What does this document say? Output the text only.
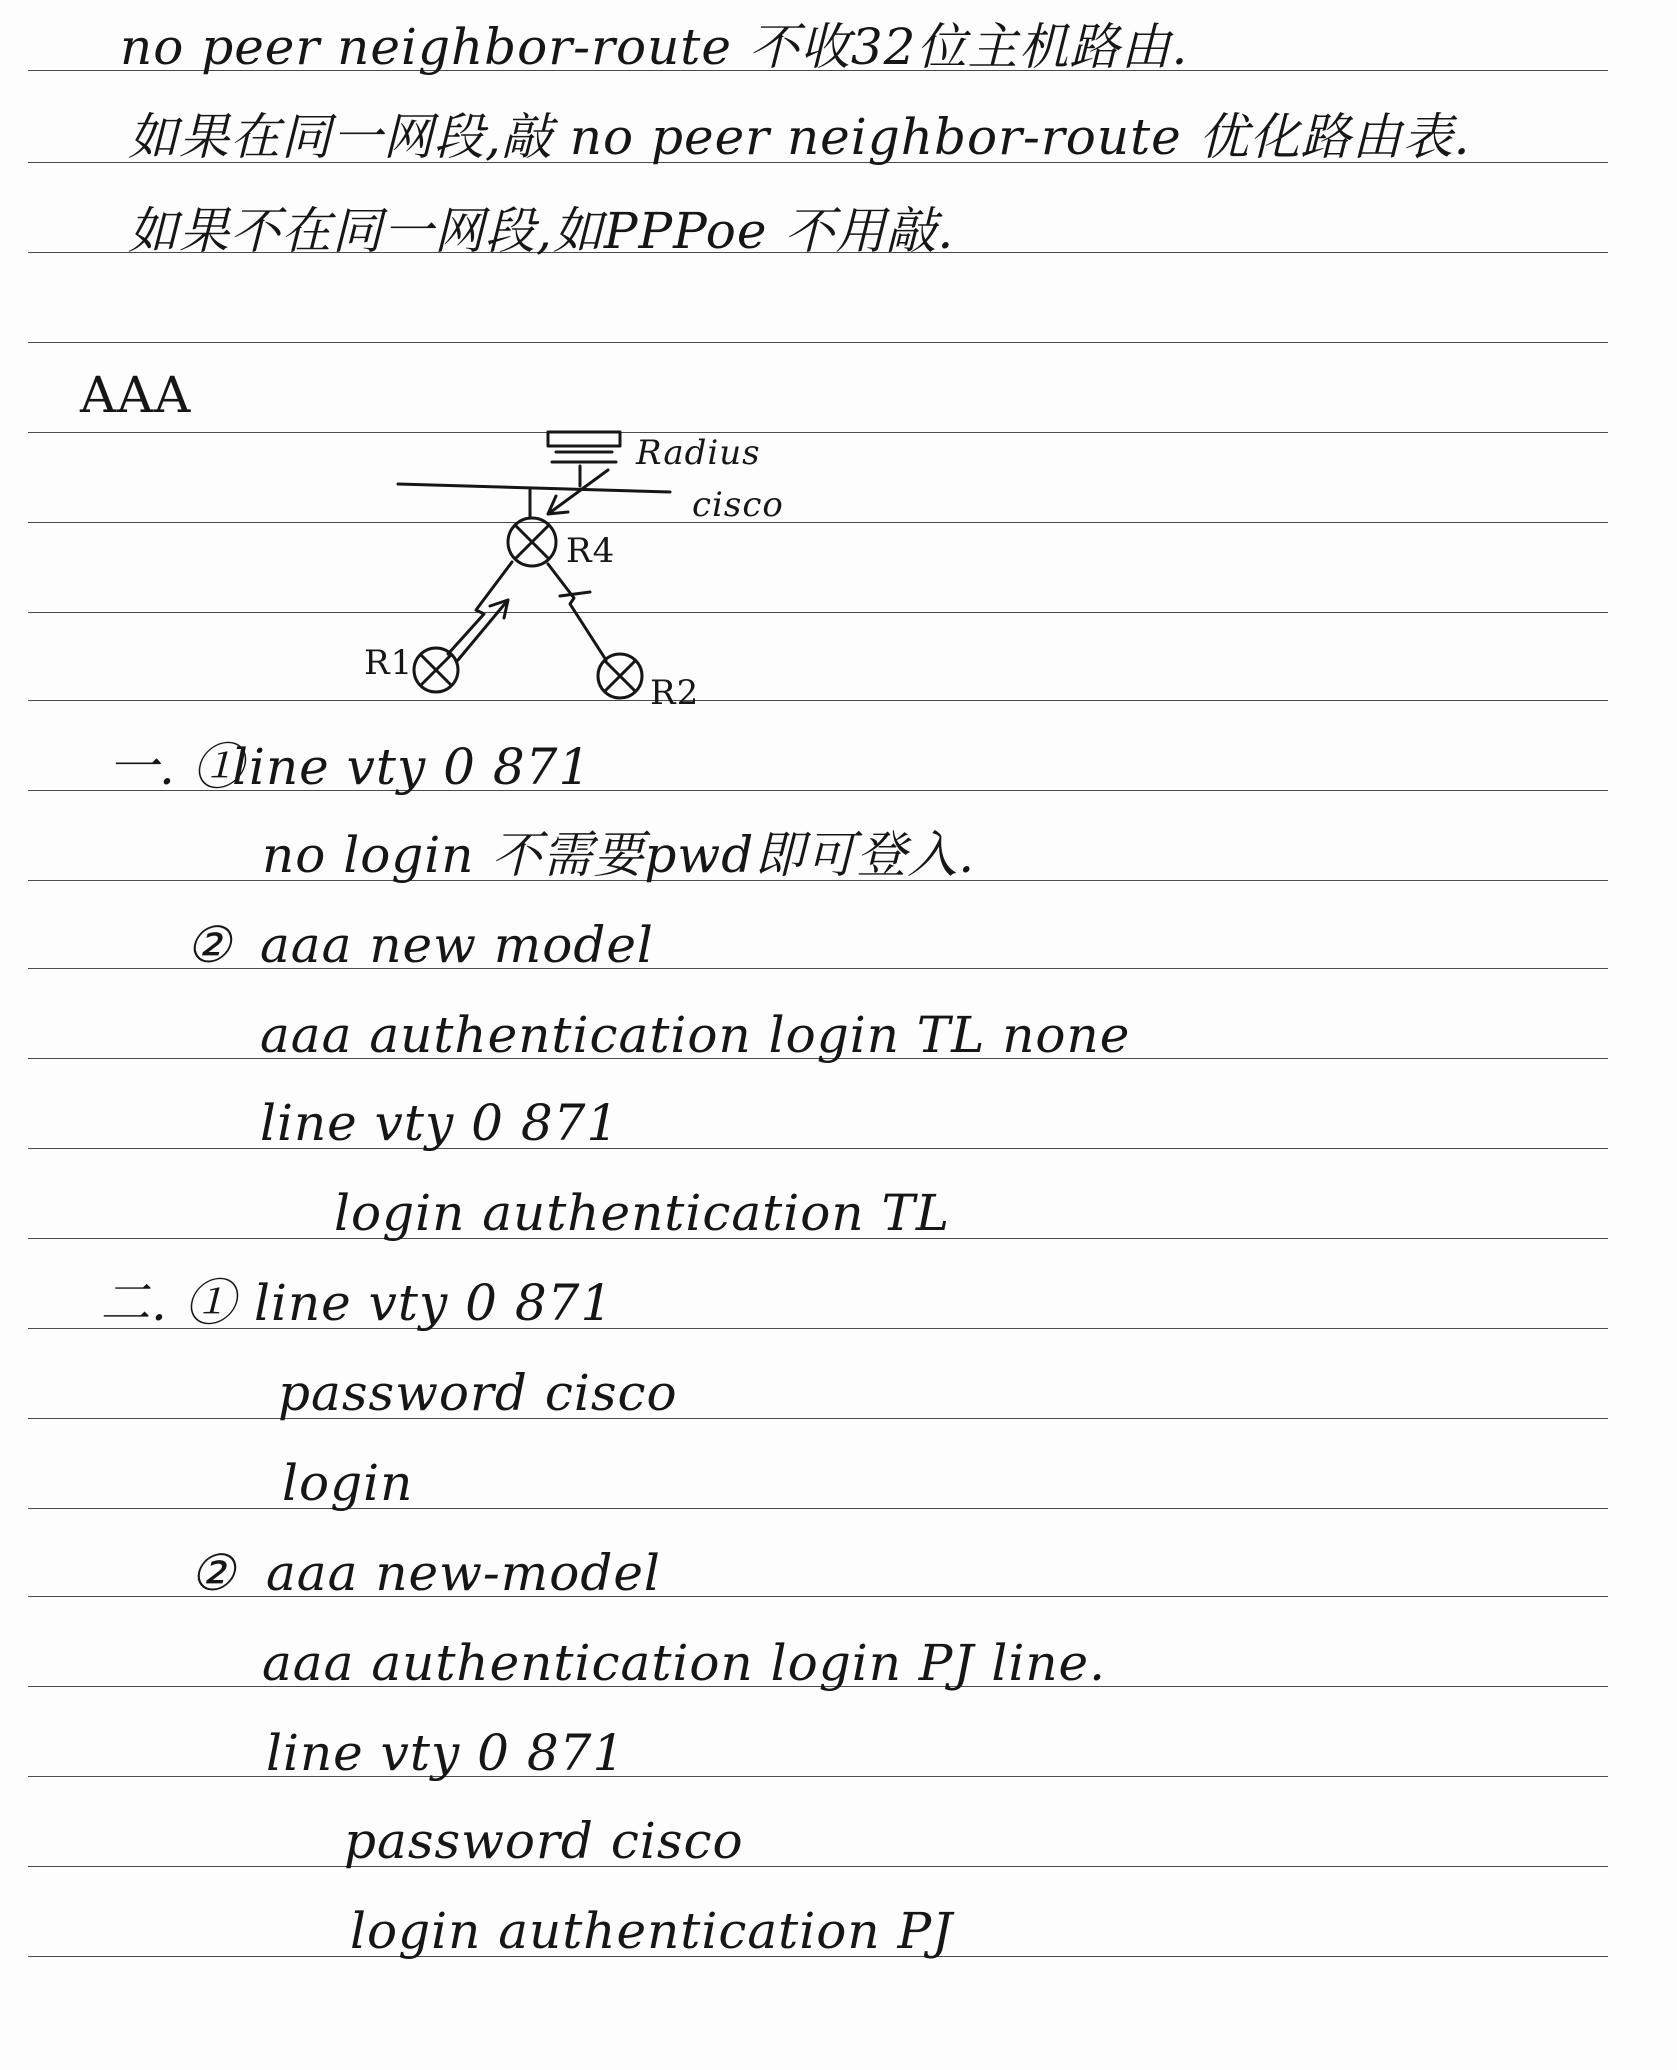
no peer neighbor-route 不收32位主机路由.
如果在同一网段,敲 no peer neighbor-route 优化路由表.
如果不在同一网段,如PPPoe 不用敲.
AAA
Radius
cisco
R4
R1
R2
一. ①
line vty 0 871
no login 不需要pwd即可登入.
② aaa new model
aaa authentication login TL none
line vty 0 871
login authentication TL
二. ① line vty 0 871
password cisco
login
② aaa new-model
aaa authentication login PJ line.
line vty 0 871
password cisco
login authentication PJ
